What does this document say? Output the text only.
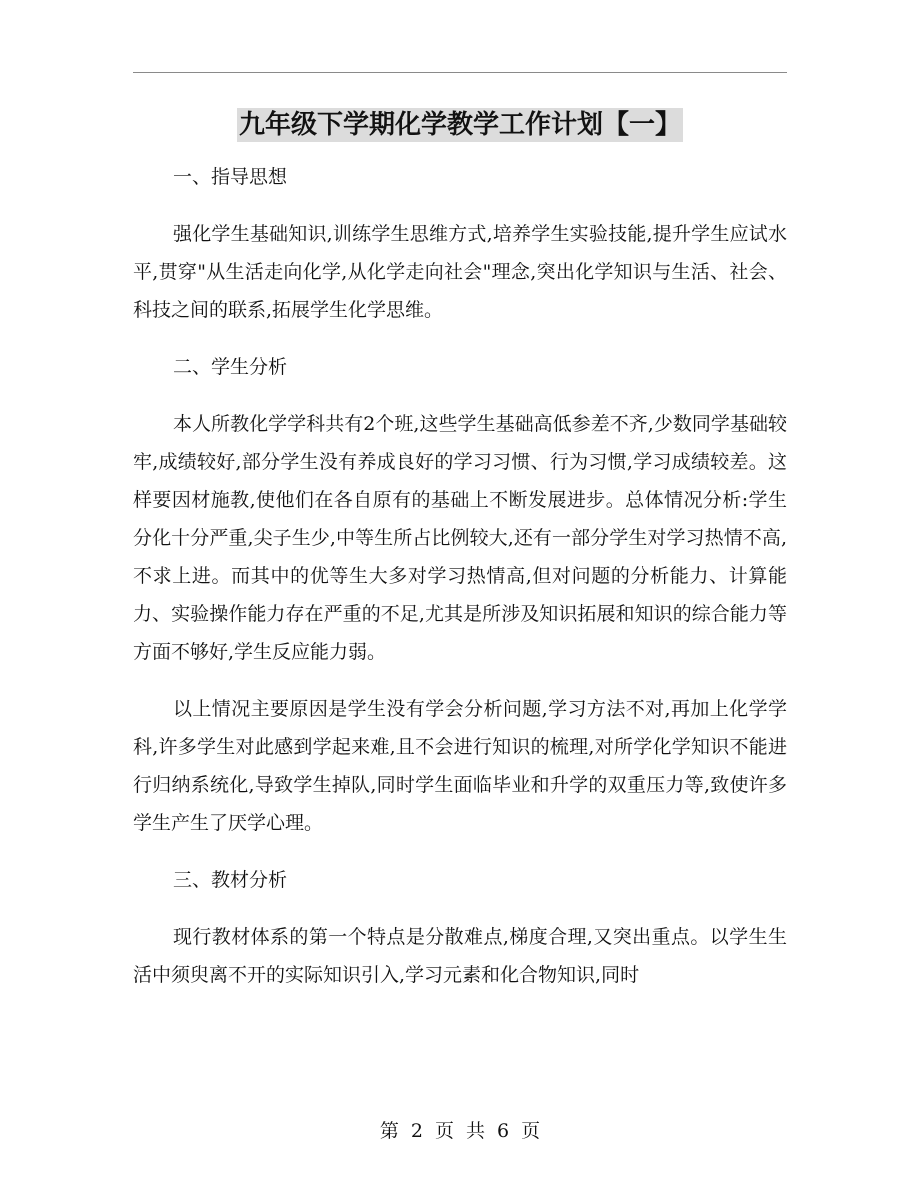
九年级下学期化学教学工作计划【一】

一、指导思想

强化学生基础知识,训练学生思维方式,培养学生实验技能,提升学生应试水平,贯穿"从生活走向化学,从化学走向社会"理念,突出化学知识与生活、社会、科技之间的联系,拓展学生化学思维。

二、学生分析

本人所教化学学科共有2个班,这些学生基础高低参差不齐,少数同学基础较牢,成绩较好,部分学生没有养成良好的学习习惯、行为习惯,学习成绩较差。这样要因材施教,使他们在各自原有的基础上不断发展进步。总体情况分析:学生分化十分严重,尖子生少,中等生所占比例较大,还有一部分学生对学习热情不高,不求上进。而其中的优等生大多对学习热情高,但对问题的分析能力、计算能力、实验操作能力存在严重的不足,尤其是所涉及知识拓展和知识的综合能力等方面不够好,学生反应能力弱。

以上情况主要原因是学生没有学会分析问题,学习方法不对,再加上化学学科,许多学生对此感到学起来难,且不会进行知识的梳理,对所学化学知识不能进行归纳系统化,导致学生掉队,同时学生面临毕业和升学的双重压力等,致使许多学生产生了厌学心理。

三、教材分析

现行教材体系的第一个特点是分散难点,梯度合理,又突出重点。以学生生活中须臾离不开的实际知识引入,学习元素和化合物知识,同时

第 2 页 共 6 页
